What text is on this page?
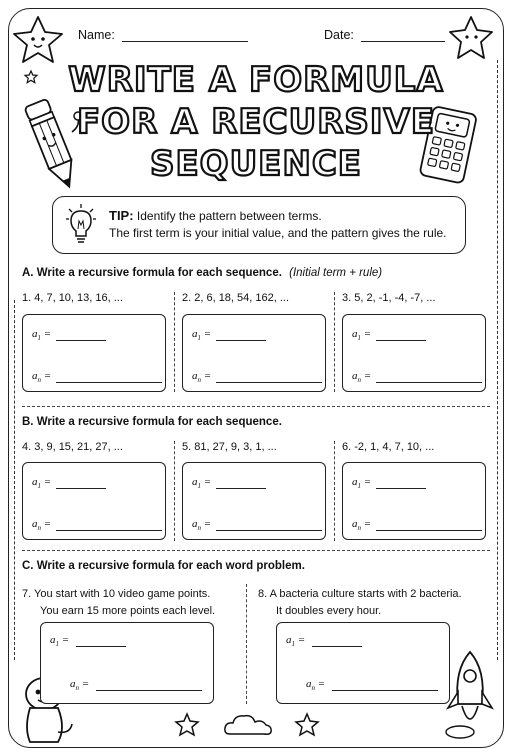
Name:	Date:
WRITE A FORMULA
FOR A RECURSIVE
SEQUENCE
TIP: Identify the pattern between terms.
The first term is your initial value, and the pattern gives the rule.
A. Write a recursive formula for each sequence. (Initial term + rule)
B. Write a recursive formula for each sequence.
C. Write a recursive formula for each word problem.
1. 4, 7, 10, 13, 16, ...
$a_1$ =
$a_n$ =
2. 2, 6, 18, 54, 162, ...
$a_1$ =
$a_n$ =
3. 5, 2, -1, -4, -7, ...
$a_1$ =
$a_n$ =
4. 3, 9, 15, 21, 27, ...
$a_1$ =
$a_n$ =
5. 81, 27, 9, 3, 1, ...
$a_1$ =
$a_n$ =
6. -2, 1, 4, 7, 10, ...
$a_1$ =
$a_n$ =
7. You start with 10 video game points.
You earn 15 more points each level.
$a_1$ =
$a_n$ =
8. A bacteria culture starts with 2 bacteria.
It doubles every hour.
$a_1$ =
$a_n$ =
